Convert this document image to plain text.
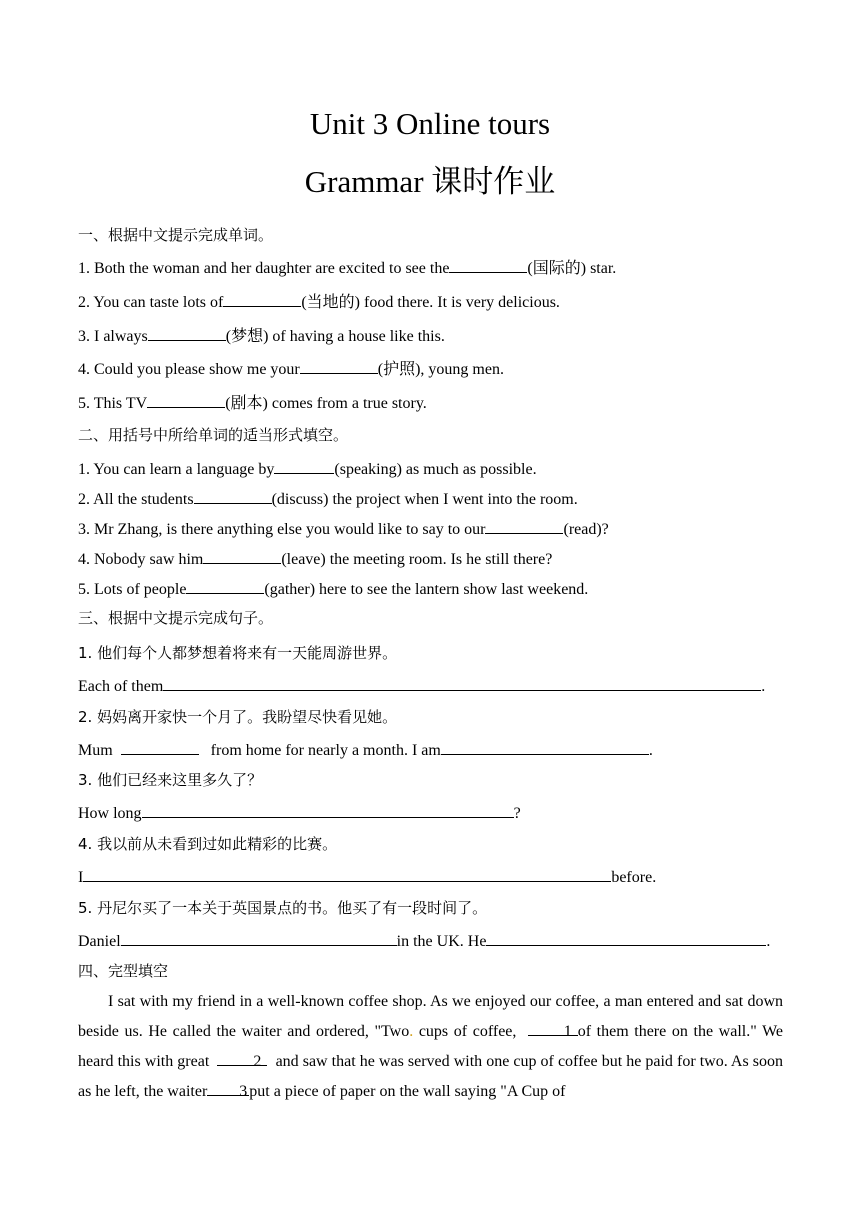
Unit 3 Online tours
Grammar 课时作业
一、根据中文提示完成单词。
1. Both the woman and her daughter are excited to see the	(国际的) star.
2. You can taste lots of	(当地的) food there. It is very delicious.
3. I always	(梦想) of having a house like this.
4. Could you please show me your	(护照), young men.
5. This TV	(剧本) comes from a true story.
二、用括号中所给单词的适当形式填空。
1. You can learn a language by	(speaking) as much as possible.
2. All the students	(discuss) the project when I went into the room.
3. Mr Zhang, is there anything else you would like to say to our	(read)?
4. Nobody saw him	(leave) the meeting room. Is he still there?
5. Lots of people	(gather) here to see the lantern show last weekend.
三、根据中文提示完成句子。
1. 他们每个人都梦想着将来有一天能周游世界。
Each of them	.
2. 妈妈离开家快一个月了。我盼望尽快看见她。
Mum	from home for nearly a month. I am	.
3. 他们已经来这里多久了？
How long	?
4. 我以前从未看到过如此精彩的比赛。
I	before.
5. 丹尼尔买了一本关于英国景点的书。他买了有一段时间了。
Daniel	in the UK. He	.
四、完型填空
I sat with my friend in a well-known coffee shop. As we enjoyed our coffee, a man entered and sat down beside us. He called the waiter and ordered, "Two. cups of coffee,	1 of them there on the wall." We heard this with great	2 and saw that he was served with one cup of coffee but he paid for two. As soon as he left, the waiter 3 put a piece of paper on the wall saying "A Cup of
